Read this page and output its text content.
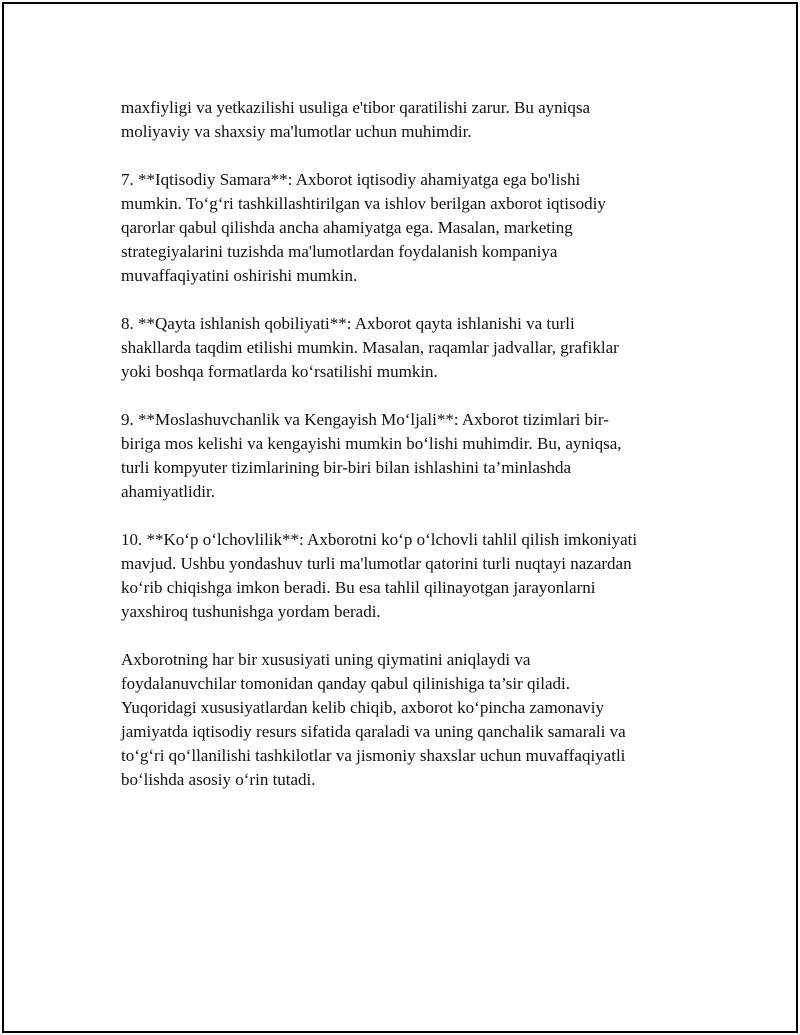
maxfiyligi va yetkazilishi usuliga e'tibor qaratilishi zarur. Bu ayniqsa
moliyaviy va shaxsiy ma'lumotlar uchun muhimdir.
7. **Iqtisodiy Samara**: Axborot iqtisodiy ahamiyatga ega bo'lishi
mumkin. To‘g‘ri tashkillashtirilgan va ishlov berilgan axborot iqtisodiy
qarorlar qabul qilishda ancha ahamiyatga ega. Masalan, marketing
strategiyalarini tuzishda ma'lumotlardan foydalanish kompaniya
muvaffaqiyatini oshirishi mumkin.
8. **Qayta ishlanish qobiliyati**: Axborot qayta ishlanishi va turli
shakllarda taqdim etilishi mumkin. Masalan, raqamlar jadvallar, grafiklar
yoki boshqa formatlarda ko‘rsatilishi mumkin.
9. **Moslashuvchanlik va Kengayish Mo‘ljali**: Axborot tizimlari bir-
biriga mos kelishi va kengayishi mumkin bo‘lishi muhimdir. Bu, ayniqsa,
turli kompyuter tizimlarining bir-biri bilan ishlashini ta’minlashda
ahamiyatlidir.
10. **Ko‘p o‘lchovlilik**: Axborotni ko‘p o‘lchovli tahlil qilish imkoniyati
mavjud. Ushbu yondashuv turli ma'lumotlar qatorini turli nuqtayi nazardan
ko‘rib chiqishga imkon beradi. Bu esa tahlil qilinayotgan jarayonlarni
yaxshiroq tushunishga yordam beradi.
Axborotning har bir xususiyati uning qiymatini aniqlaydi va
foydalanuvchilar tomonidan qanday qabul qilinishiga ta’sir qiladi.
Yuqoridagi xususiyatlardan kelib chiqib, axborot ko‘pincha zamonaviy
jamiyatda iqtisodiy resurs sifatida qaraladi va uning qanchalik samarali va
to‘g‘ri qo‘llanilishi tashkilotlar va jismoniy shaxslar uchun muvaffaqiyatli
bo‘lishda asosiy o‘rin tutadi.
